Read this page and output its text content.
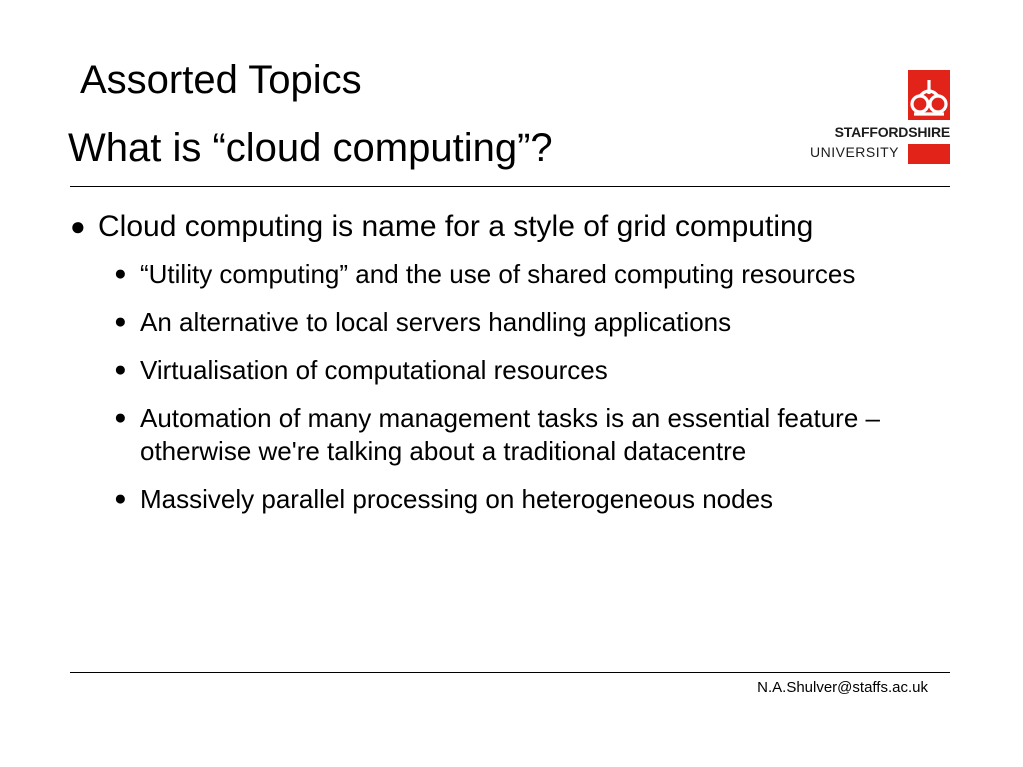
Assorted Topics
What is “cloud computing”?	STAFFORDSHIRE
UNIVERSITY
● Cloud computing is name for a style of grid computing
● “Utility computing” and the use of shared computing resources
● An alternative to local servers handling applications
● Virtualisation of computational resources
● Automation of many management tasks is an essential feature – otherwise we're talking about a traditional datacentre
● Massively parallel processing on heterogeneous nodes
N.A.Shulver@staffs.ac.uk
